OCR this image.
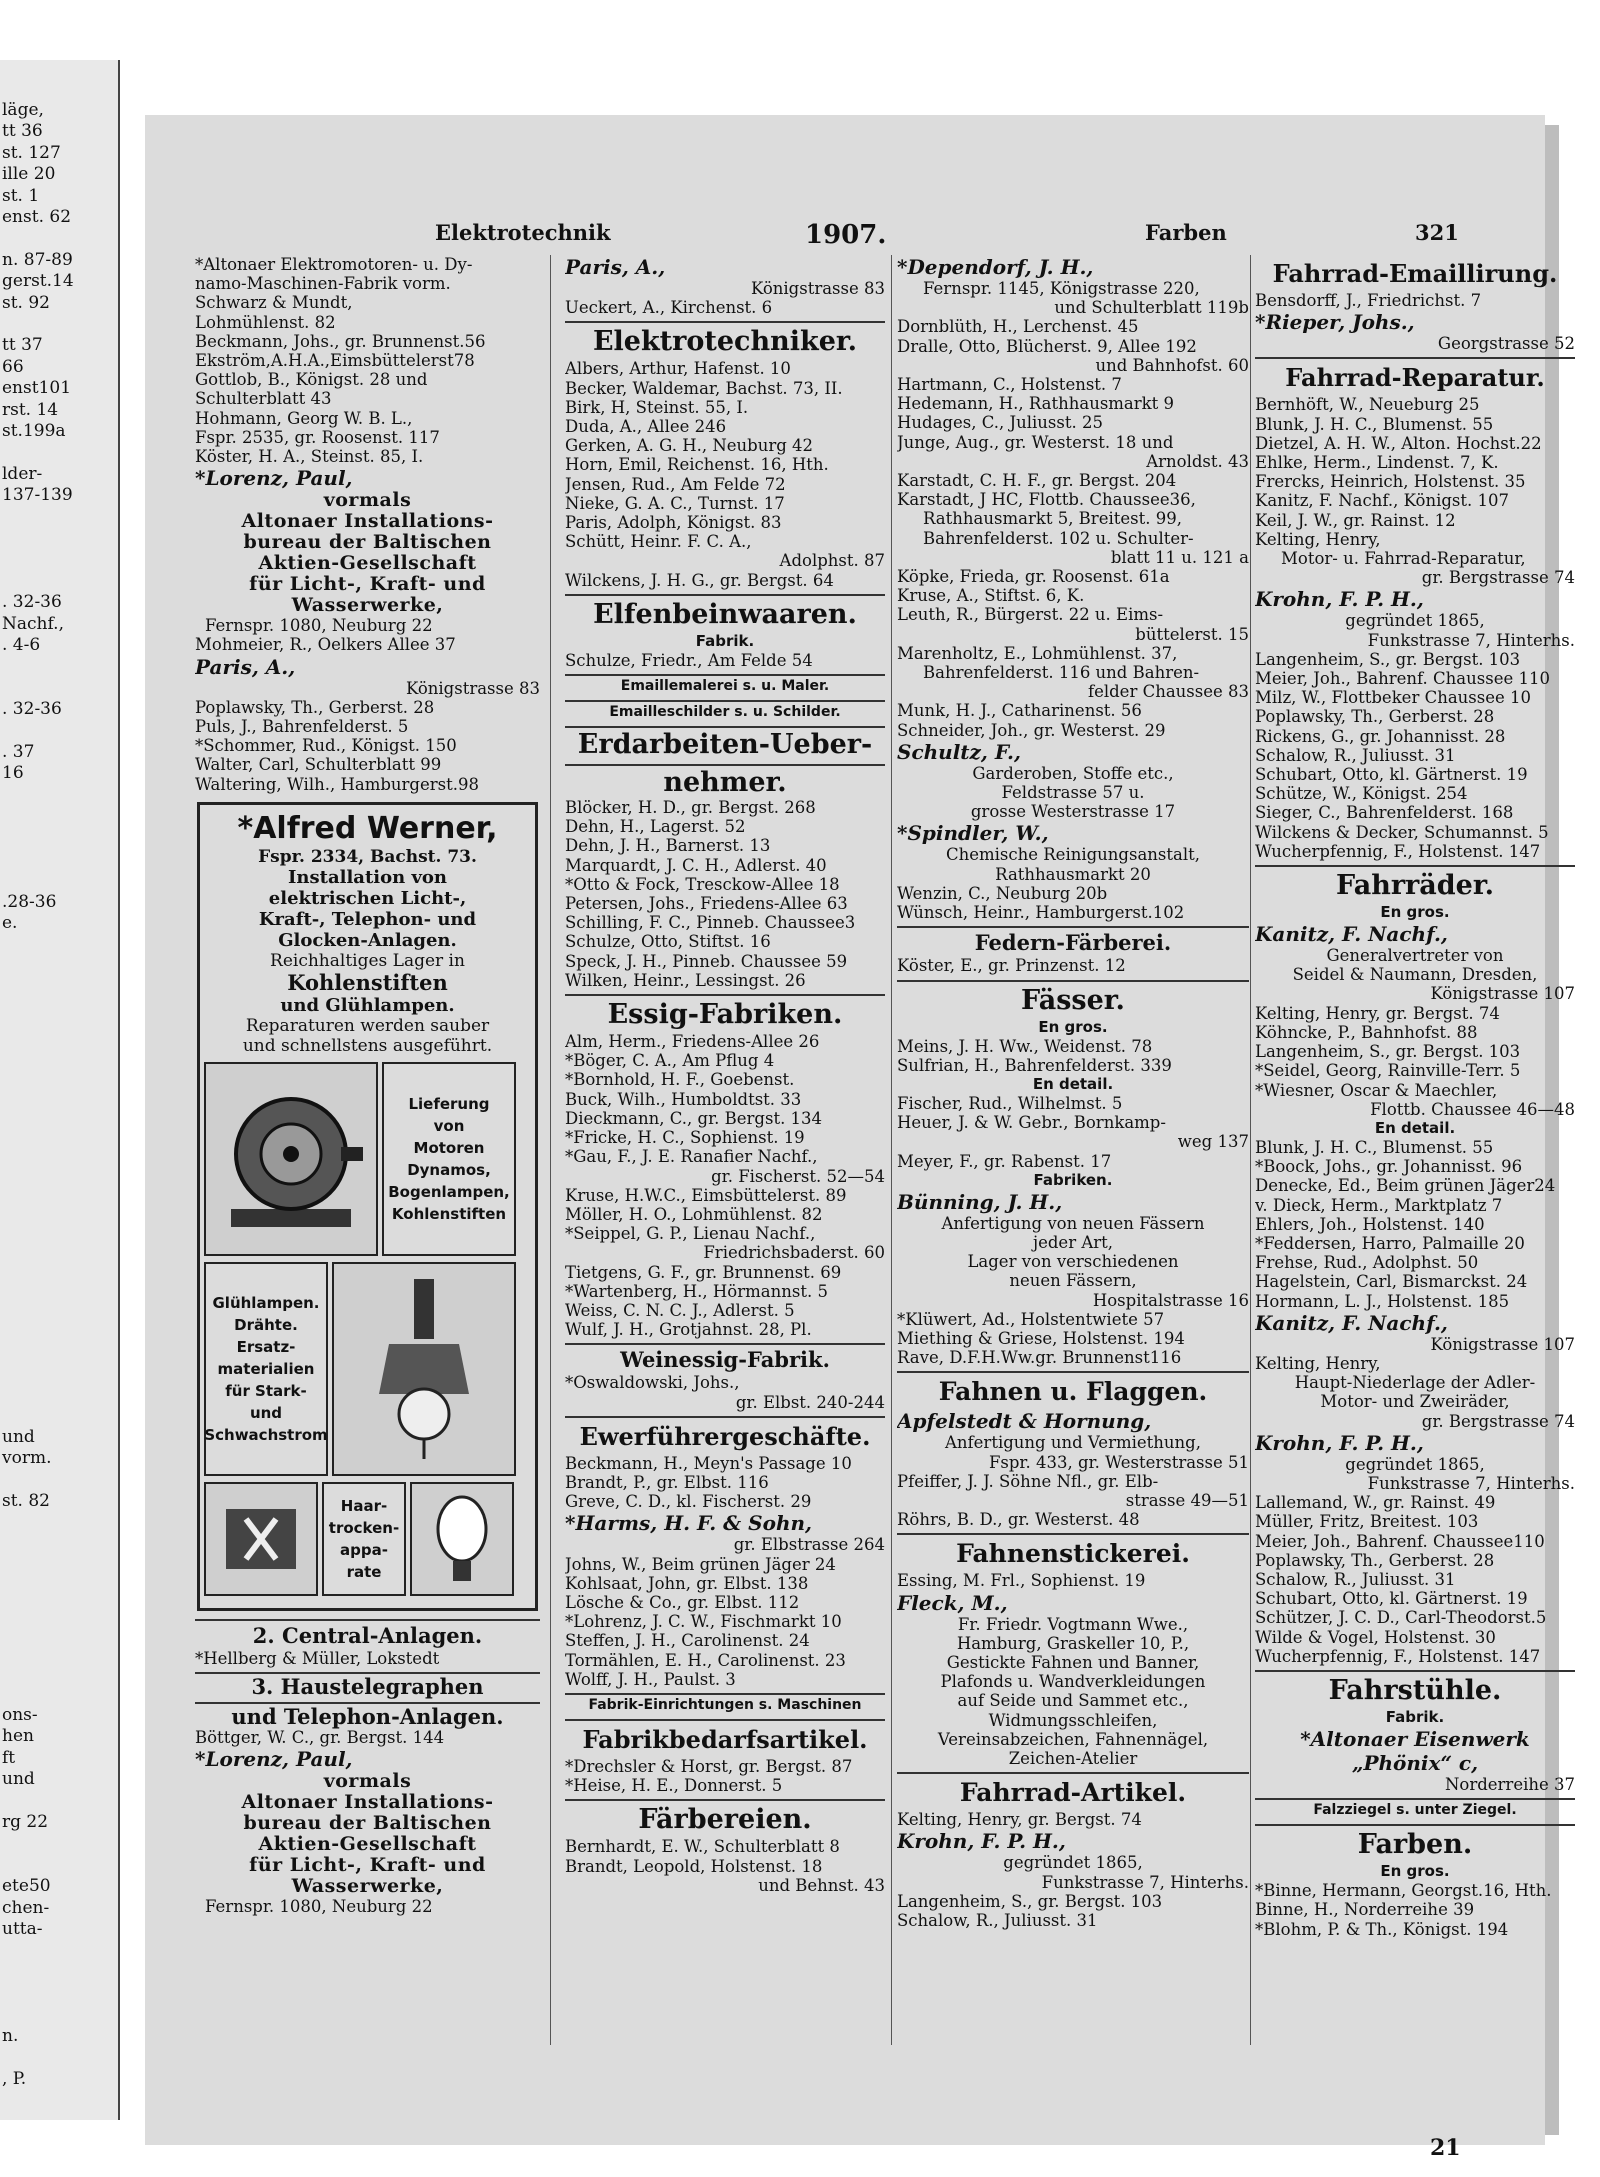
läge,
tt 36
st. 127
ille 20
st. 1
enst. 62
n. 87-89
gerst.14
st. 92
tt 37
66
enst101
rst. 14
st.199a
lder-
137-139
. 32-36
Nachf.,
. 4-6
. 32-36
. 37
16
.28-36
e.
und
vorm.
st. 82
ons-
hen
ft
und
rg 22
ete50
chen-
utta-
n.
, P.
Elektrotechnik	1907.	Farben	321
*Altonaer Elektromotoren- u. Dy-
namo-Maschinen-Fabrik vorm.
Schwarz & Mundt,
Lohmühlenst. 82
Beckmann, Johs., gr. Brunnenst.56
Ekström,A.H.A.,Eimsbüttelerst78
Gottlob, B., Königst. 28 und
Schulterblatt 43
Hohmann, Georg W. B. L.,
Fspr. 2535, gr. Roosenst. 117
Köster, H. A., Steinst. 85, I.
*Lorenz, Paul,
vormals
Altonaer Installations-
bureau der Baltischen
Aktien-Gesellschaft
für Licht-, Kraft- und
Wasserwerke,
Fernspr. 1080, Neuburg 22
Mohmeier, R., Oelkers Allee 37
Paris, A.,
Königstrasse 83
Poplawsky, Th., Gerberst. 28
Puls, J., Bahrenfelderst. 5
*Schommer, Rud., Königst. 150
Walter, Carl, Schulterblatt 99
Waltering, Wilh., Hamburgerst.98
*Alfred Werner,
Fspr. 2334, Bachst. 73.
Installation von
elektrischen Licht-,
Kraft-, Telephon- und
Glocken-Anlagen.
Reichhaltiges Lager in
Kohlenstiften
und Glühlampen.
Reparaturen werden sauber
und schnellstens ausgeführt.
Lieferung
von
Motoren
Dynamos,
Bogenlampen,
Kohlenstiften
Glühlampen.
Drähte.
Ersatz-
materialien
für Stark-
und
Schwachstrom
Haar-
trocken-
appa-
rate
2. Central-Anlagen.
*Hellberg & Müller, Lokstedt
3. Haustelegraphen
und Telephon-Anlagen.
Böttger, W. C., gr. Bergst. 144
*Lorenz, Paul,
vormals
Altonaer Installations-
bureau der Baltischen
Aktien-Gesellschaft
für Licht-, Kraft- und
Wasserwerke,
Fernspr. 1080, Neuburg 22
Paris, A.,
Königstrasse 83
Ueckert, A., Kirchenst. 6
Elektrotechniker.
Albers, Arthur, Hafenst. 10
Becker, Waldemar, Bachst. 73, II.
Birk, H, Steinst. 55, I.
Duda, A., Allee 246
Gerken, A. G. H., Neuburg 42
Horn, Emil, Reichenst. 16, Hth.
Jensen, Rud., Am Felde 72
Nieke, G. A. C., Turnst. 17
Paris, Adolph, Königst. 83
Schütt, Heinr. F. C. A.,
Adolphst. 87
Wilckens, J. H. G., gr. Bergst. 64
Elfenbeinwaaren.
Fabrik.
Schulze, Friedr., Am Felde 54
Emaillemalerei s. u. Maler.
Emailleschilder s. u. Schilder.
Erdarbeiten-Ueber-
nehmer.
Blöcker, H. D., gr. Bergst. 268
Dehn, H., Lagerst. 52
Dehn, J. H., Barnerst. 13
Marquardt, J. C. H., Adlerst. 40
*Otto & Fock, Tresckow-Allee 18
Petersen, Johs., Friedens-Allee 63
Schilling, F. C., Pinneb. Chaussee3
Schulze, Otto, Stiftst. 16
Speck, J. H., Pinneb. Chaussee 59
Wilken, Heinr., Lessingst. 26
Essig-Fabriken.
Alm, Herm., Friedens-Allee 26
*Böger, C. A., Am Pflug 4
*Bornhold, H. F., Goebenst.
Buck, Wilh., Humboldtst. 33
Dieckmann, C., gr. Bergst. 134
*Fricke, H. C., Sophienst. 19
*Gau, F., J. E. Ranafier Nachf.,
gr. Fischerst. 52—54
Kruse, H.W.C., Eimsbüttelerst. 89
Möller, H. O., Lohmühlenst. 82
*Seippel, G. P., Lienau Nachf.,
Friedrichsbaderst. 60
Tietgens, G. F., gr. Brunnenst. 69
*Wartenberg, H., Hörmannst. 5
Weiss, C. N. C. J., Adlerst. 5
Wulf, J. H., Grotjahnst. 28, Pl.
Weinessig-Fabrik.
*Oswaldowski, Johs.,
gr. Elbst. 240-244
Ewerführergeschäfte.
Beckmann, H., Meyn's Passage 10
Brandt, P., gr. Elbst. 116
Greve, C. D., kl. Fischerst. 29
*Harms, H. F. & Sohn,
gr. Elbstrasse 264
Johns, W., Beim grünen Jäger 24
Kohlsaat, John, gr. Elbst. 138
Lösche & Co., gr. Elbst. 112
*Lohrenz, J. C. W., Fischmarkt 10
Steffen, J. H., Carolinenst. 24
Tormählen, E. H., Carolinenst. 23
Wolff, J. H., Paulst. 3
Fabrik-Einrichtungen s. Maschinen
Fabrikbedarfsartikel.
*Drechsler & Horst, gr. Bergst. 87
*Heise, H. E., Donnerst. 5
Färbereien.
Bernhardt, E. W., Schulterblatt 8
Brandt, Leopold, Holstenst. 18
und Behnst. 43
*Dependorf, J. H.,
Fernspr. 1145, Königstrasse 220,
und Schulterblatt 119b
Dornblüth, H., Lerchenst. 45
Dralle, Otto, Blücherst. 9, Allee 192
und Bahnhofst. 60
Hartmann, C., Holstenst. 7
Hedemann, H., Rathhausmarkt 9
Hudages, C., Juliusst. 25
Junge, Aug., gr. Westerst. 18 und
Arnoldst. 43
Karstadt, C. H. F., gr. Bergst. 204
Karstadt, J HC, Flottb. Chaussee36,
Rathhausmarkt 5, Breitest. 99,
Bahrenfelderst. 102 u. Schulter-
blatt 11 u. 121 a
Köpke, Frieda, gr. Roosenst. 61a
Kruse, A., Stiftst. 6, K.
Leuth, R., Bürgerst. 22 u. Eims-
büttelerst. 15
Marenholtz, E., Lohmühlenst. 37,
Bahrenfelderst. 116 und Bahren-
felder Chaussee 83
Munk, H. J., Catharinenst. 56
Schneider, Joh., gr. Westerst. 29
Schultz, F.,
Garderoben, Stoffe etc.,
Feldstrasse 57 u.
grosse Westerstrasse 17
*Spindler, W.,
Chemische Reinigungsanstalt,
Rathhausmarkt 20
Wenzin, C., Neuburg 20b
Wünsch, Heinr., Hamburgerst.102
Federn-Färberei.
Köster, E., gr. Prinzenst. 12
Fässer.
En gros.
Meins, J. H. Ww., Weidenst. 78
Sulfrian, H., Bahrenfelderst. 339
En detail.
Fischer, Rud., Wilhelmst. 5
Heuer, J. & W. Gebr., Bornkamp-
weg 137
Meyer, F., gr. Rabenst. 17
Fabriken.
Bünning, J. H.,
Anfertigung von neuen Fässern
jeder Art,
Lager von verschiedenen
neuen Fässern,
Hospitalstrasse 16
*Klüwert, Ad., Holstentwiete 57
Miething & Griese, Holstenst. 194
Rave, D.F.H.Ww.gr. Brunnenst116
Fahnen u. Flaggen.
Apfelstedt & Hornung,
Anfertigung und Vermiethung,
Fspr. 433, gr. Westerstrasse 51
Pfeiffer, J. J. Söhne Nfl., gr. Elb-
strasse 49—51
Röhrs, B. D., gr. Westerst. 48
Fahnenstickerei.
Essing, M. Frl., Sophienst. 19
Fleck, M.,
Fr. Friedr. Vogtmann Wwe.,
Hamburg, Graskeller 10, P.,
Gestickte Fahnen und Banner,
Plafonds u. Wandverkleidungen
auf Seide und Sammet etc.,
Widmungsschleifen,
Vereinsabzeichen, Fahnennägel,
Zeichen-Atelier
Fahrrad-Artikel.
Kelting, Henry, gr. Bergst. 74
Krohn, F. P. H.,
gegründet 1865,
Funkstrasse 7, Hinterhs.
Langenheim, S., gr. Bergst. 103
Schalow, R., Juliusst. 31
Fahrrad-Emaillirung.
Bensdorff, J., Friedrichst. 7
*Rieper, Johs.,
Georgstrasse 52
Fahrrad-Reparatur.
Bernhöft, W., Neueburg 25
Blunk, J. H. C., Blumenst. 55
Dietzel, A. H. W., Alton. Hochst.22
Ehlke, Herm., Lindenst. 7, K.
Frercks, Heinrich, Holstenst. 35
Kanitz, F. Nachf., Königst. 107
Keil, J. W., gr. Rainst. 12
Kelting, Henry,
Motor- u. Fahrrad-Reparatur,
gr. Bergstrasse 74
Krohn, F. P. H.,
gegründet 1865,
Funkstrasse 7, Hinterhs.
Langenheim, S., gr. Bergst. 103
Meier, Joh., Bahrenf. Chaussee 110
Milz, W., Flottbeker Chaussee 10
Poplawsky, Th., Gerberst. 28
Rickens, G., gr. Johannisst. 28
Schalow, R., Juliusst. 31
Schubart, Otto, kl. Gärtnerst. 19
Schütze, W., Königst. 254
Sieger, C., Bahrenfelderst. 168
Wilckens & Decker, Schumannst. 5
Wucherpfennig, F., Holstenst. 147
Fahrräder.
En gros.
Kanitz, F. Nachf.,
Generalvertreter von
Seidel & Naumann, Dresden,
Königstrasse 107
Kelting, Henry, gr. Bergst. 74
Köhncke, P., Bahnhofst. 88
Langenheim, S., gr. Bergst. 103
*Seidel, Georg, Rainville-Terr. 5
*Wiesner, Oscar & Maechler,
Flottb. Chaussee 46—48
En detail.
Blunk, J. H. C., Blumenst. 55
*Boock, Johs., gr. Johannisst. 96
Denecke, Ed., Beim grünen Jäger24
v. Dieck, Herm., Marktplatz 7
Ehlers, Joh., Holstenst. 140
*Feddersen, Harro, Palmaille 20
Frehse, Rud., Adolphst. 50
Hagelstein, Carl, Bismarckst. 24
Hormann, L. J., Holstenst. 185
Kanitz, F. Nachf.,
Königstrasse 107
Kelting, Henry,
Haupt-Niederlage der Adler-
Motor- und Zweiräder,
gr. Bergstrasse 74
Krohn, F. P. H.,
gegründet 1865,
Funkstrasse 7, Hinterhs.
Lallemand, W., gr. Rainst. 49
Müller, Fritz, Breitest. 103
Meier, Joh., Bahrenf. Chaussee110
Poplawsky, Th., Gerberst. 28
Schalow, R., Juliusst. 31
Schubart, Otto, kl. Gärtnerst. 19
Schützer, J. C. D., Carl-Theodorst.5
Wilde & Vogel, Holstenst. 30
Wucherpfennig, F., Holstenst. 147
Fahrstühle.
Fabrik.
*Altonaer Eisenwerk
„Phönix“ c,
Norderreihe 37
Falzziegel s. unter Ziegel.
Farben.
En gros.
*Binne, Hermann, Georgst.16, Hth.
Binne, H., Norderreihe 39
*Blohm, P. & Th., Königst. 194
21
